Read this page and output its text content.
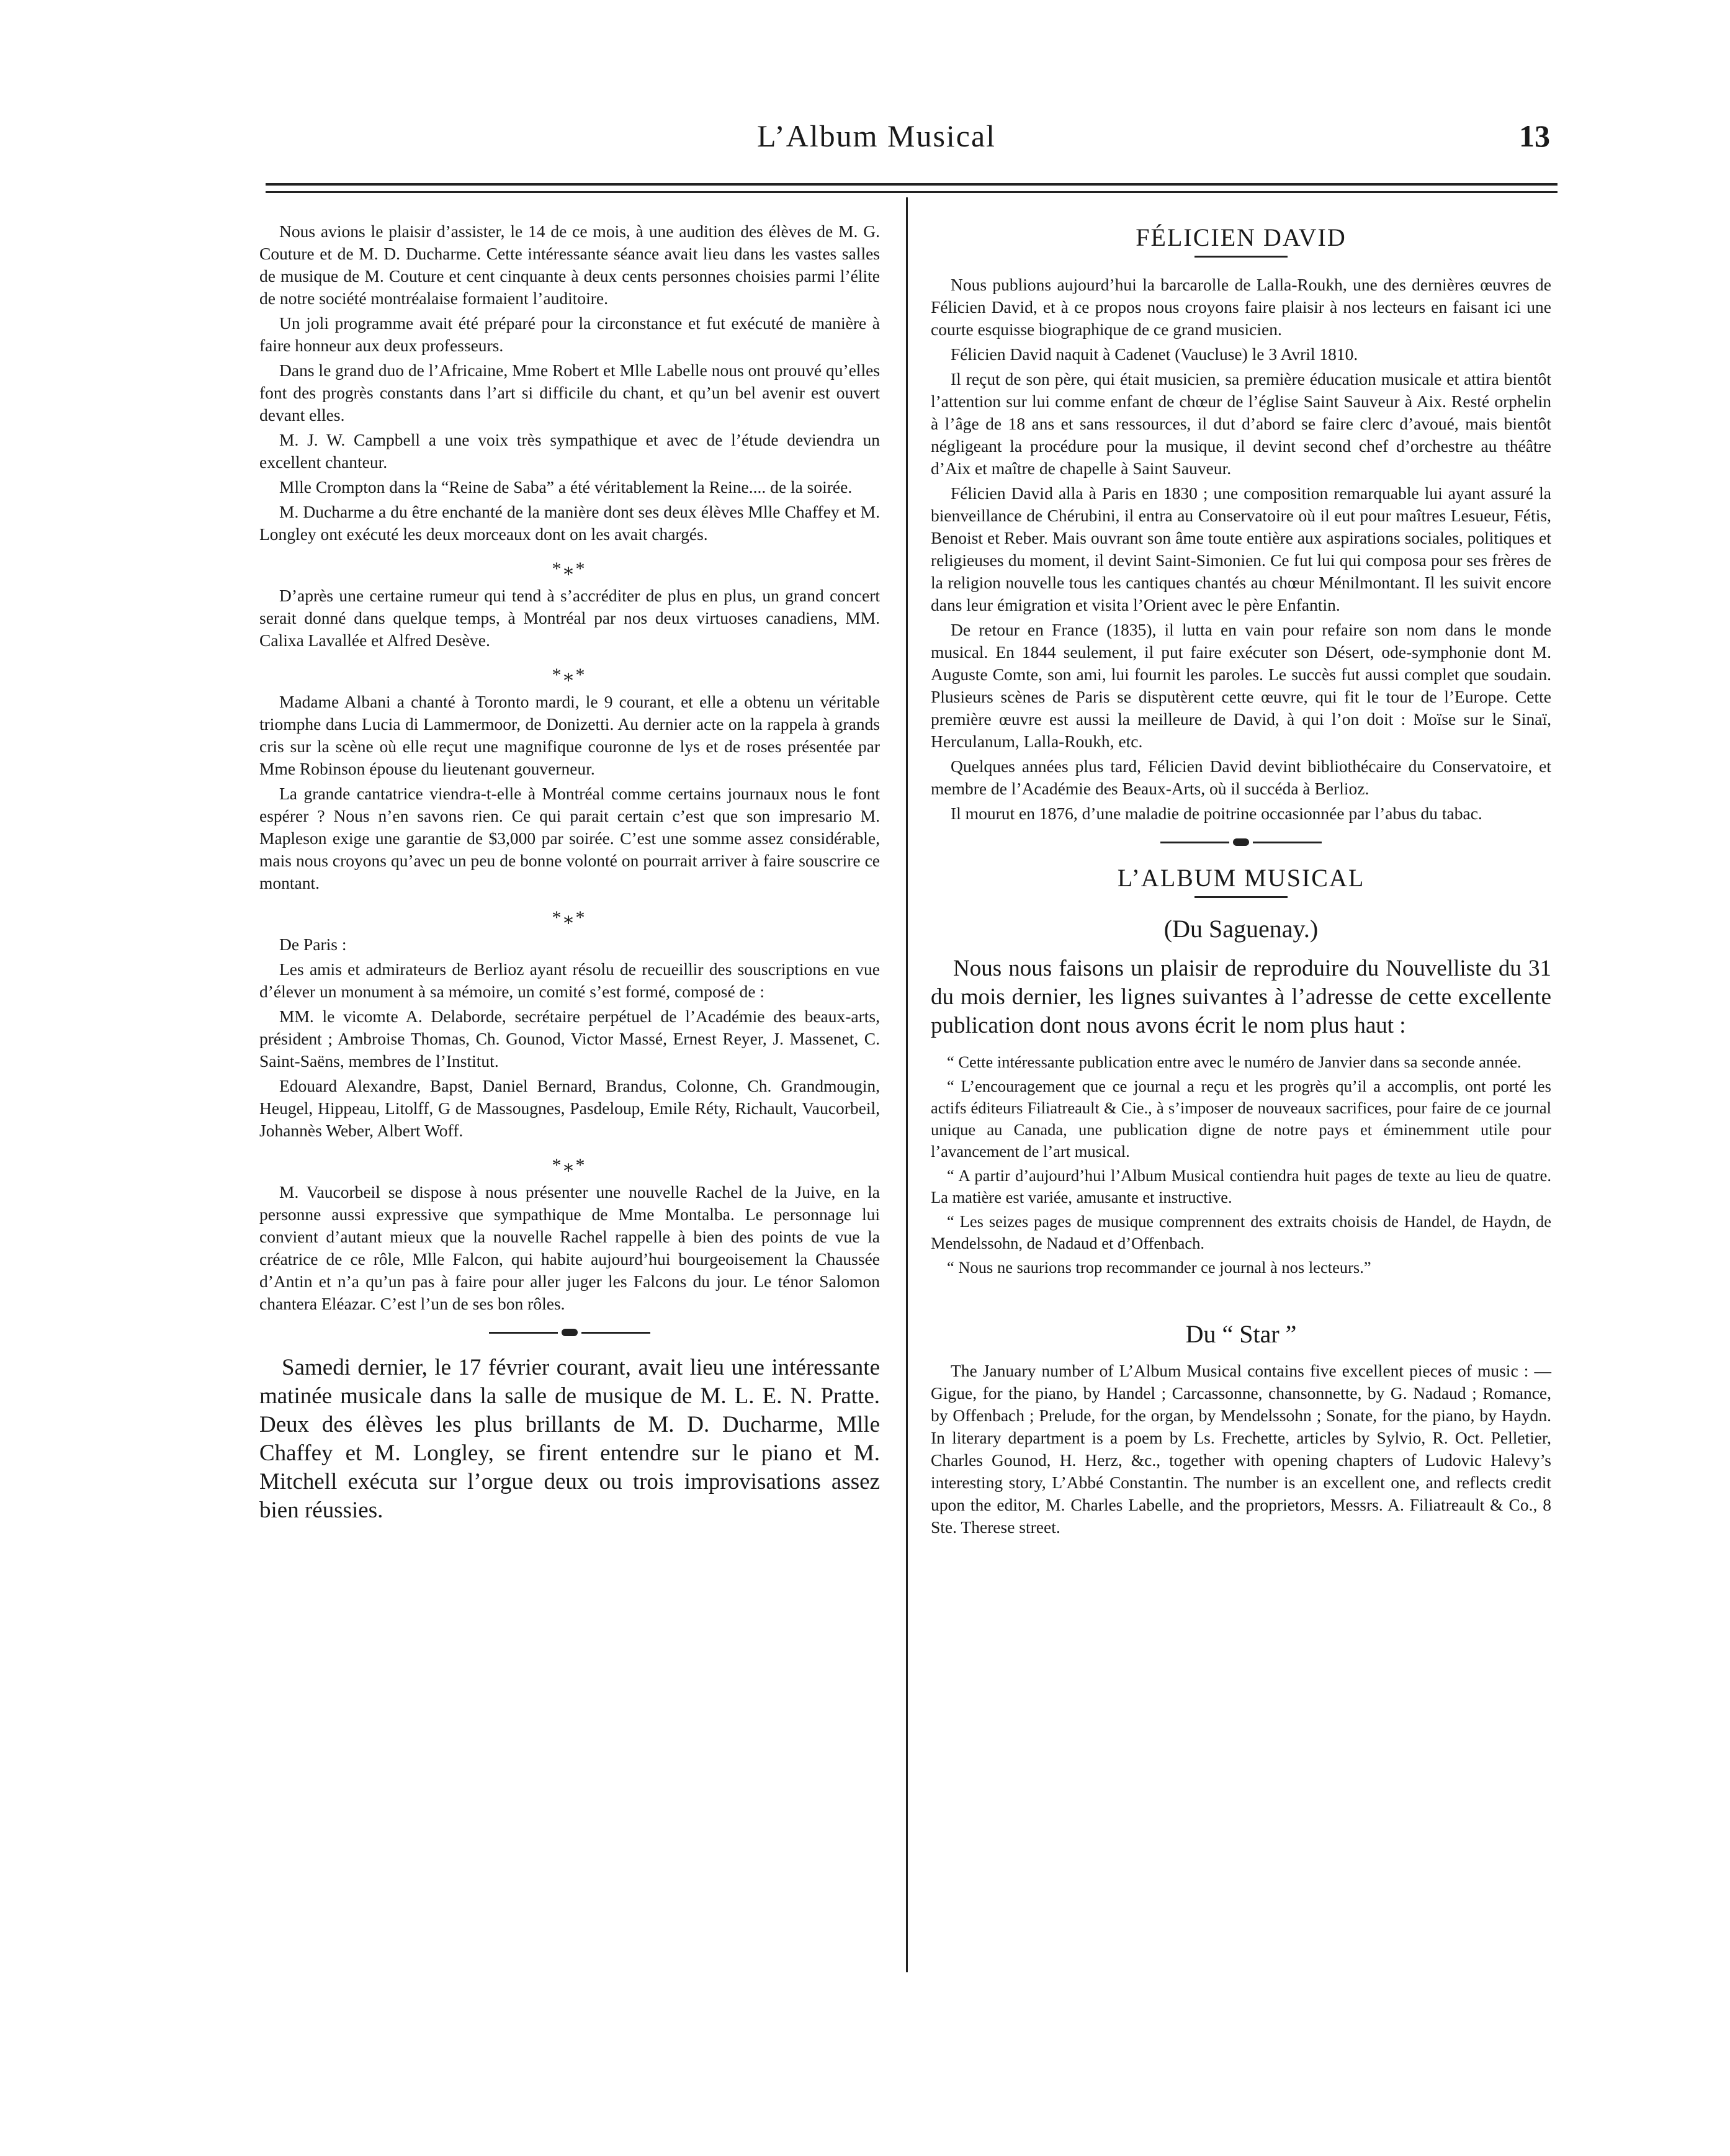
L’Album Musical	13

Nous avions le plaisir d’assister, le 14 de ce mois, à une audition des élèves de M. G. Couture et de M. D. Ducharme. Cette intéressante séance avait lieu dans les vastes salles de musique de M. Couture et cent cinquante à deux cents personnes choisies parmi l’élite de notre société montréalaise formaient l’auditoire.

Un joli programme avait été préparé pour la circonstance et fut exécuté de manière à faire honneur aux deux professeurs.

Dans le grand duo de l’Africaine, Mme Robert et Mlle Labelle nous ont prouvé qu’elles font des progrès constants dans l’art si difficile du chant, et qu’un bel avenir est ouvert devant elles.

M. J. W. Campbell a une voix très sympathique et avec de l’étude deviendra un excellent chanteur.

Mlle Crompton dans la “Reine de Saba” a été véritablement la Reine.... de la soirée.

M. Ducharme a du être enchanté de la manière dont ses deux élèves Mlle Chaffey et M. Longley ont exécuté les deux morceaux dont on les avait chargés.

*⁎*

D’après une certaine rumeur qui tend à s’accréditer de plus en plus, un grand concert serait donné dans quelque temps, à Montréal par nos deux virtuoses canadiens, MM. Calixa Lavallée et Alfred Desève.

*⁎*

Madame Albani a chanté à Toronto mardi, le 9 courant, et elle a obtenu un véritable triomphe dans Lucia di Lammermoor, de Donizetti. Au dernier acte on la rappela à grands cris sur la scène où elle reçut une magnifique couronne de lys et de roses présentée par Mme Robinson épouse du lieutenant gouverneur.

La grande cantatrice viendra-t-elle à Montréal comme certains journaux nous le font espérer ? Nous n’en savons rien. Ce qui parait certain c’est que son impresario M. Mapleson exige une garantie de $3,000 par soirée. C’est une somme assez considérable, mais nous croyons qu’avec un peu de bonne volonté on pourrait arriver à faire souscrire ce montant.

*⁎*

De Paris :

Les amis et admirateurs de Berlioz ayant résolu de recueillir des souscriptions en vue d’élever un monument à sa mémoire, un comité s’est formé, composé de :

MM. le vicomte A. Delaborde, secrétaire perpétuel de l’Académie des beaux-arts, président ; Ambroise Thomas, Ch. Gounod, Victor Massé, Ernest Reyer, J. Massenet, C. Saint-Saëns, membres de l’Institut.

Edouard Alexandre, Bapst, Daniel Bernard, Brandus, Colonne, Ch. Grandmougin, Heugel, Hippeau, Litolff, G de Massougnes, Pasdeloup, Emile Réty, Richault, Vaucorbeil, Johannès Weber, Albert Woff.

*⁎*

M. Vaucorbeil se dispose à nous présenter une nouvelle Rachel de la Juive, en la personne aussi expressive que sympathique de Mme Montalba. Le personnage lui convient d’autant mieux que la nouvelle Rachel rappelle à bien des points de vue la créatrice de ce rôle, Mlle Falcon, qui habite aujourd’hui bourgeoisement la Chaussée d’Antin et n’a qu’un pas à faire pour aller juger les Falcons du jour. Le ténor Salomon chantera Eléazar. C’est l’un de ses bon rôles.

Samedi dernier, le 17 février courant, avait lieu une intéressante matinée musicale dans la salle de musique de M. L. E. N. Pratte. Deux des élèves les plus brillants de M. D. Ducharme, Mlle Chaffey et M. Longley, se firent entendre sur le piano et M. Mitchell exécuta sur l’orgue deux ou trois improvisations assez bien réussies.

FÉLICIEN DAVID

Nous publions aujourd’hui la barcarolle de Lalla-Roukh, une des dernières œuvres de Félicien David, et à ce propos nous croyons faire plaisir à nos lecteurs en faisant ici une courte esquisse biographique de ce grand musicien.

Félicien David naquit à Cadenet (Vaucluse) le 3 Avril 1810.

Il reçut de son père, qui était musicien, sa première éducation musicale et attira bientôt l’attention sur lui comme enfant de chœur de l’église Saint Sauveur à Aix. Resté orphelin à l’âge de 18 ans et sans ressources, il dut d’abord se faire clerc d’avoué, mais bientôt négligeant la procédure pour la musique, il devint second chef d’orchestre au théâtre d’Aix et maître de chapelle à Saint Sauveur.

Félicien David alla à Paris en 1830 ; une composition remarquable lui ayant assuré la bienveillance de Chérubini, il entra au Conservatoire où il eut pour maîtres Lesueur, Fétis, Benoist et Reber. Mais ouvrant son âme toute entière aux aspirations sociales, politiques et religieuses du moment, il devint Saint-Simonien. Ce fut lui qui composa pour ses frères de la religion nouvelle tous les cantiques chantés au chœur Ménilmontant. Il les suivit encore dans leur émigration et visita l’Orient avec le père Enfantin.

De retour en France (1835), il lutta en vain pour refaire son nom dans le monde musical. En 1844 seulement, il put faire exécuter son Désert, ode-symphonie dont M. Auguste Comte, son ami, lui fournit les paroles. Le succès fut aussi complet que soudain. Plusieurs scènes de Paris se disputèrent cette œuvre, qui fit le tour de l’Europe. Cette première œuvre est aussi la meilleure de David, à qui l’on doit : Moïse sur le Sinaï, Herculanum, Lalla-Roukh, etc.

Quelques années plus tard, Félicien David devint bibliothécaire du Conservatoire, et membre de l’Académie des Beaux-Arts, où il succéda à Berlioz.

Il mourut en 1876, d’une maladie de poitrine occasionnée par l’abus du tabac.

L’ALBUM MUSICAL
(Du Saguenay.)

Nous nous faisons un plaisir de reproduire du Nouvelliste du 31 du mois dernier, les lignes suivantes à l’adresse de cette excellente publication dont nous avons écrit le nom plus haut :

“ Cette intéressante publication entre avec le numéro de Janvier dans sa seconde année.

“ L’encouragement que ce journal a reçu et les progrès qu’il a accomplis, ont porté les actifs éditeurs Filiatreault & Cie., à s’imposer de nouveaux sacrifices, pour faire de ce journal unique au Canada, une publication digne de notre pays et éminemment utile pour l’avancement de l’art musical.

“ A partir d’aujourd’hui l’Album Musical contiendra huit pages de texte au lieu de quatre. La matière est variée, amusante et instructive.

“ Les seizes pages de musique comprennent des extraits choisis de Handel, de Haydn, de Mendelssohn, de Nadaud et d’Offenbach.

“ Nous ne saurions trop recommander ce journal à nos lecteurs.”

Du “ Star ”

The January number of L’Album Musical contains five excellent pieces of music : — Gigue, for the piano, by Handel ; Carcassonne, chansonnette, by G. Nadaud ; Romance, by Offenbach ; Prelude, for the organ, by Mendelssohn ; Sonate, for the piano, by Haydn. In literary department is a poem by Ls. Frechette, articles by Sylvio, R. Oct. Pelletier, Charles Gounod, H. Herz, &c., together with opening chapters of Ludovic Halevy’s interesting story, L’Abbé Constantin. The number is an excellent one, and reflects credit upon the editor, M. Charles Labelle, and the proprietors, Messrs. A. Filiatreault & Co., 8 Ste. Therese street.
